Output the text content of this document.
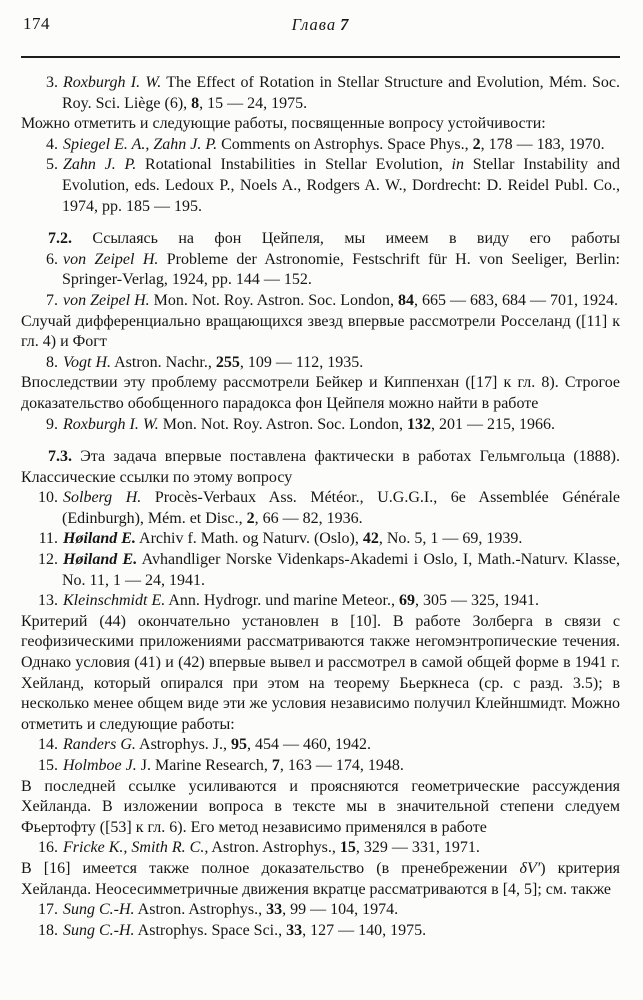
174	Глава 7
3. Roxburgh I. W. The Effect of Rotation in Stellar Structure and Evolution, Mém. Soc. Roy. Sci. Liège (6), 8, 15 — 24, 1975.
Можно отметить и следующие работы, посвященные вопросу устойчивости:
4. Spiegel E. A., Zahn J. P. Comments on Astrophys. Space Phys., 2, 178 — 183, 1970.
5. Zahn J. P. Rotational Instabilities in Stellar Evolution, in Stellar Instability and Evolution, eds. Ledoux P., Noels A., Rodgers A. W., Dordrecht: D. Reidel Publ. Co., 1974, pp. 185 — 195.
7.2. Ссылаясь на фон Цейпеля, мы имеем в виду его работы
6. von Zeipel H. Probleme der Astronomie, Festschrift für H. von Seeliger, Berlin: Springer-Verlag, 1924, pp. 144 — 152.
7. von Zeipel H. Mon. Not. Roy. Astron. Soc. London, 84, 665 — 683, 684 — 701, 1924.
Случай дифференциально вращающихся звезд впервые рассмотрели Росселанд ([11] к гл. 4) и Фогт
8. Vogt H. Astron. Nachr., 255, 109 — 112, 1935.
Впоследствии эту проблему рассмотрели Бейкер и Киппенхан ([17] к гл. 8). Строгое доказательство обобщенного парадокса фон Цейпеля можно найти в работе
9. Roxburgh I. W. Mon. Not. Roy. Astron. Soc. London, 132, 201 — 215, 1966.
7.3. Эта задача впервые поставлена фактически в работах Гельмгольца (1888). Классические ссылки по этому вопросу
10. Solberg H. Procès-Verbaux Ass. Météor., U.G.G.I., 6e Assemblée Générale (Edinburgh), Mém. et Disc., 2, 66 — 82, 1936.
11. Høiland E. Archiv f. Math. og Naturv. (Oslo), 42, No. 5, 1 — 69, 1939.
12. Høiland E. Avhandliger Norske Videnkaps-Akademi i Oslo, I, Math.-Naturv. Klasse, No. 11, 1 — 24, 1941.
13. Kleinschmidt E. Ann. Hydrogr. und marine Meteor., 69, 305 — 325, 1941.
Критерий (44) окончательно установлен в [10]. В работе Золберга в связи с геофизическими приложениями рассматриваются также негомэнтропические течения. Однако условия (41) и (42) впервые вывел и рассмотрел в самой общей форме в 1941 г. Хейланд, который опирался при этом на теорему Бьеркнеса (ср. с разд. 3.5); в несколько менее общем виде эти же условия независимо получил Клейншмидт. Можно отметить и следующие работы:
14. Randers G. Astrophys. J., 95, 454 — 460, 1942.
15. Holmboe J. J. Marine Research, 7, 163 — 174, 1948.
В последней ссылке усиливаются и проясняются геометрические рассуждения Хейланда. В изложении вопроса в тексте мы в значительной степени следуем Фьертофту ([53] к гл. 6). Его метод независимо применялся в работе
16. Fricke K., Smith R. C., Astron. Astrophys., 15, 329 — 331, 1971.
В [16] имеется также полное доказательство (в пренебрежении δV′) критерия Хейланда. Неосесимметричные движения вкратце рассматриваются в [4, 5]; см. также
17. Sung C.-H. Astron. Astrophys., 33, 99 — 104, 1974.
18. Sung C.-H. Astrophys. Space Sci., 33, 127 — 140, 1975.
